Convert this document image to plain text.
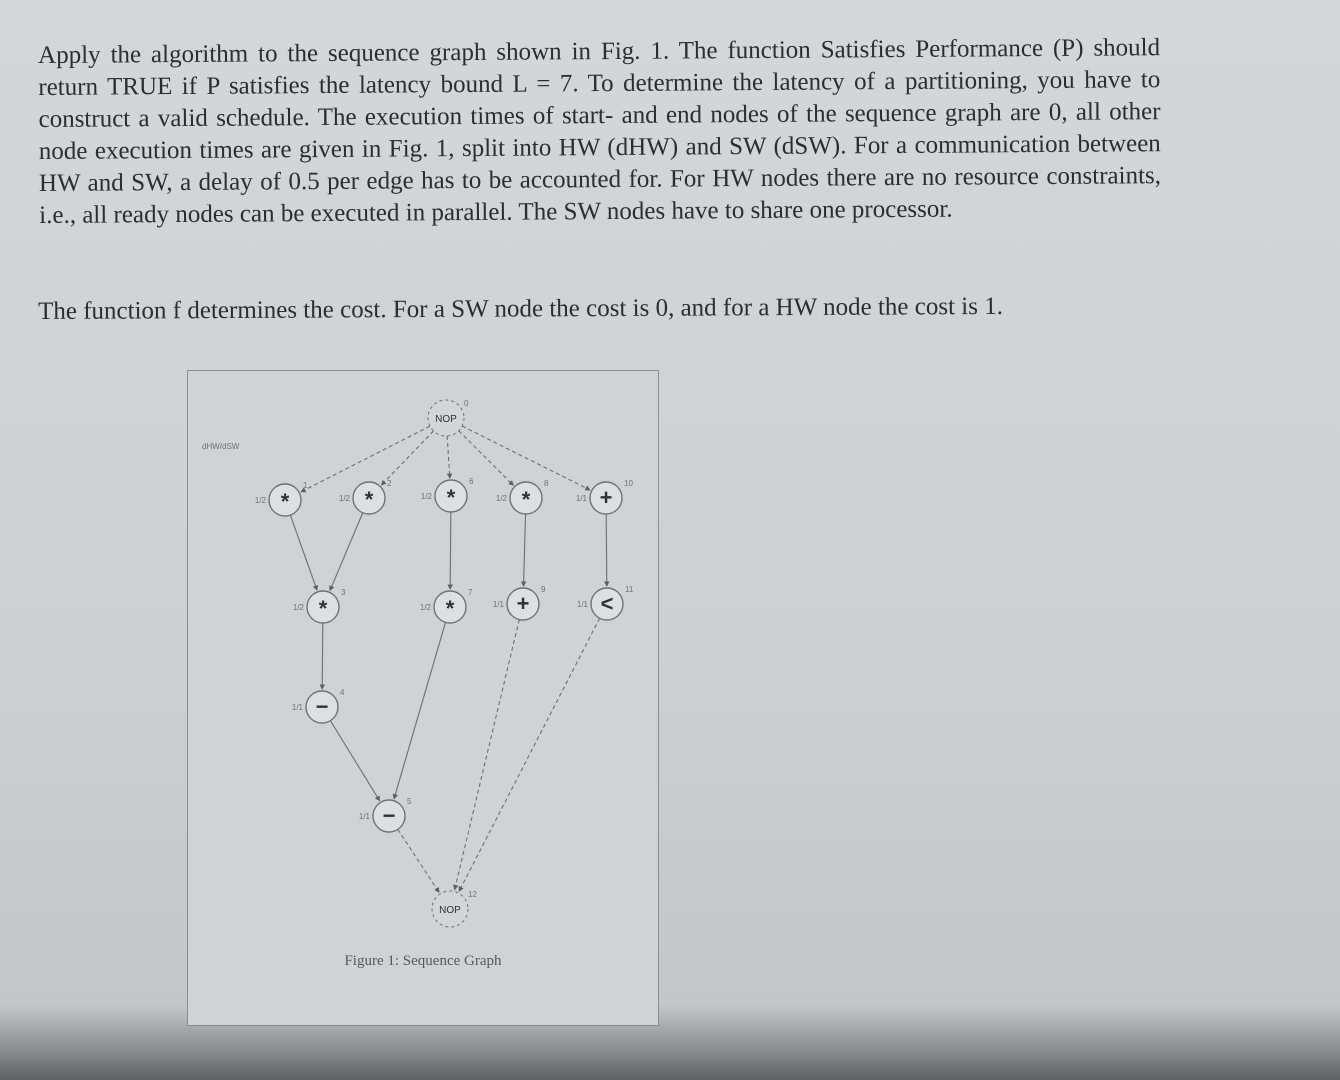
Apply the algorithm to the sequence graph shown in Fig. 1. The function Satisfies Performance (P) should return TRUE if P satisfies the latency bound L = 7. To determine the latency of a partitioning, you have to construct a valid schedule. The execution times of start- and end nodes of the sequence graph are 0, all other node execution times are given in Fig. 1, split into HW (dHW) and SW (dSW). For a communication between HW and SW, a delay of 0.5 per edge has to be accounted for. For HW nodes there are no resource constraints, i.e., all ready nodes can be executed in parallel. The SW nodes have to share one processor.

The function f determines the cost. For a SW node the cost is 0, and for a HW node the cost is 1.

NOP
0
*
1
1/2	*
2
1/2	*
6
1/2	*
8
1/2	+
10
1/1
*
3
1/2	*
7
1/2	+
9
1/1	<
11
1/1
−
4
1/1
−
5
1/1
NOP
12
dHW/dSW
Figure 1: Sequence Graph
